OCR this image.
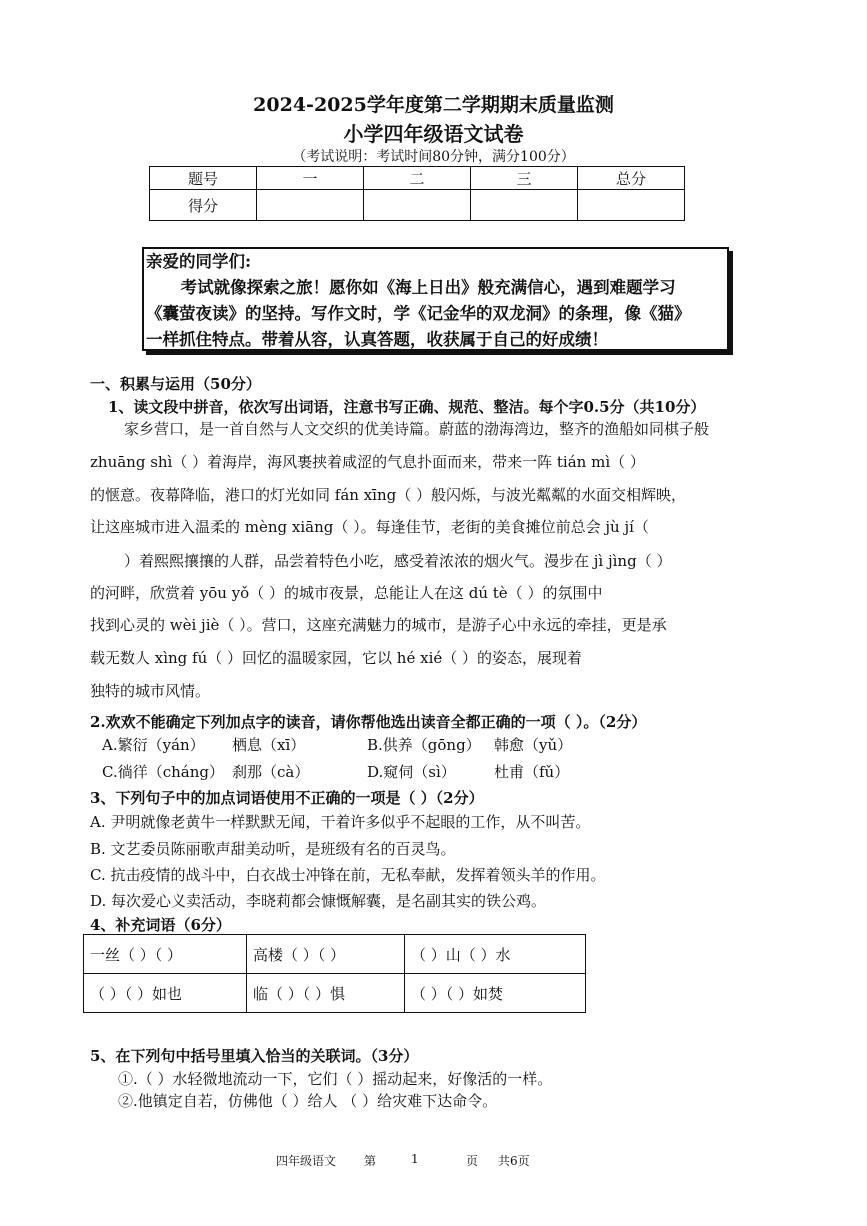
2024-2025学年度第二学期期末质量监测
小学四年级语文试卷
（考试说明：考试时间80分钟，满分100分）
题号	一	二	三	总分
得分				

亲爱的同学们:

考试就像探索之旅！愿你如《海上日出》般充满信心，遇到难题学习

《囊萤夜读》的坚持。写作文时，学《记金华的双龙洞》的条理，像《猫》

一样抓住特点。带着从容，认真答题，收获属于自己的好成绩！

一、积累与运用（50分）
1、读文段中拼音，依次写出词语，注意书写正确、规范、整洁。每个字0.5分（共10分）
家乡营口，是一首自然与人文交织的优美诗篇。蔚蓝的渤海湾边，整齐的渔船如同棋子般
zhuāng shì（ ）着海岸，海风裹挟着咸涩的气息扑面而来，带来一阵 tián mì（ ）
的惬意。夜幕降临，港口的灯光如同 fán xīng（ ）般闪烁，与波光粼粼的水面交相辉映，
让这座城市进入温柔的 mèng xiāng（ ）。每逢佳节，老街的美食摊位前总会 jù jí（
）着熙熙攘攘的人群，品尝着特色小吃，感受着浓浓的烟火气。漫步在 jì jìng（ ）
的河畔，欣赏着 yōu yǒ（ ）的城市夜景，总能让人在这 dú tè（ ）的氛围中
找到心灵的 wèi jiè（ ）。营口，这座充满魅力的城市，是游子心中永远的牵挂，更是承
载无数人 xìng fú（ ）回忆的温暖家园，它以 hé xié（ ）的姿态，展现着
独特的城市风情。
2.欢欢不能确定下列加点字的读音，请你帮他选出读音全都正确的一项（ ）。（2分）
A.繁衍（yán） 栖息（xī）	B.供养（gōng） 韩愈（yǔ）
C.徜徉（cháng） 刹那（cà）	D.窥伺（sì）	杜甫（fǔ）
3、下列句子中的加点词语使用不正确的一项是（ ）（2分）
A. 尹明就像老黄牛一样默默无闻，干着许多似乎不起眼的工作，从不叫苦。
B. 文艺委员陈丽歌声甜美动听，是班级有名的百灵鸟。
C. 抗击疫情的战斗中，白衣战士冲锋在前，无私奉献，发挥着领头羊的作用。
D. 每次爱心义卖活动，李晓莉都会慷慨解囊，是名副其实的铁公鸡。
4、补充词语（6分）
一丝（ ）（ ）	高楼（ ）（ ）	（ ）山（ ）水
（ ）（ ）如也	临（ ）（ ）惧	（ ）（ ）如焚
5、在下列句中括号里填入恰当的关联词。（3分）
①.（ ）水轻微地流动一下，它们（ ）摇动起来，好像活的一样。
②.他镇定自若，仿佛他（ ）给人 （ ）给灾难下达命令。
四年级语文 第	1	页 共6页
